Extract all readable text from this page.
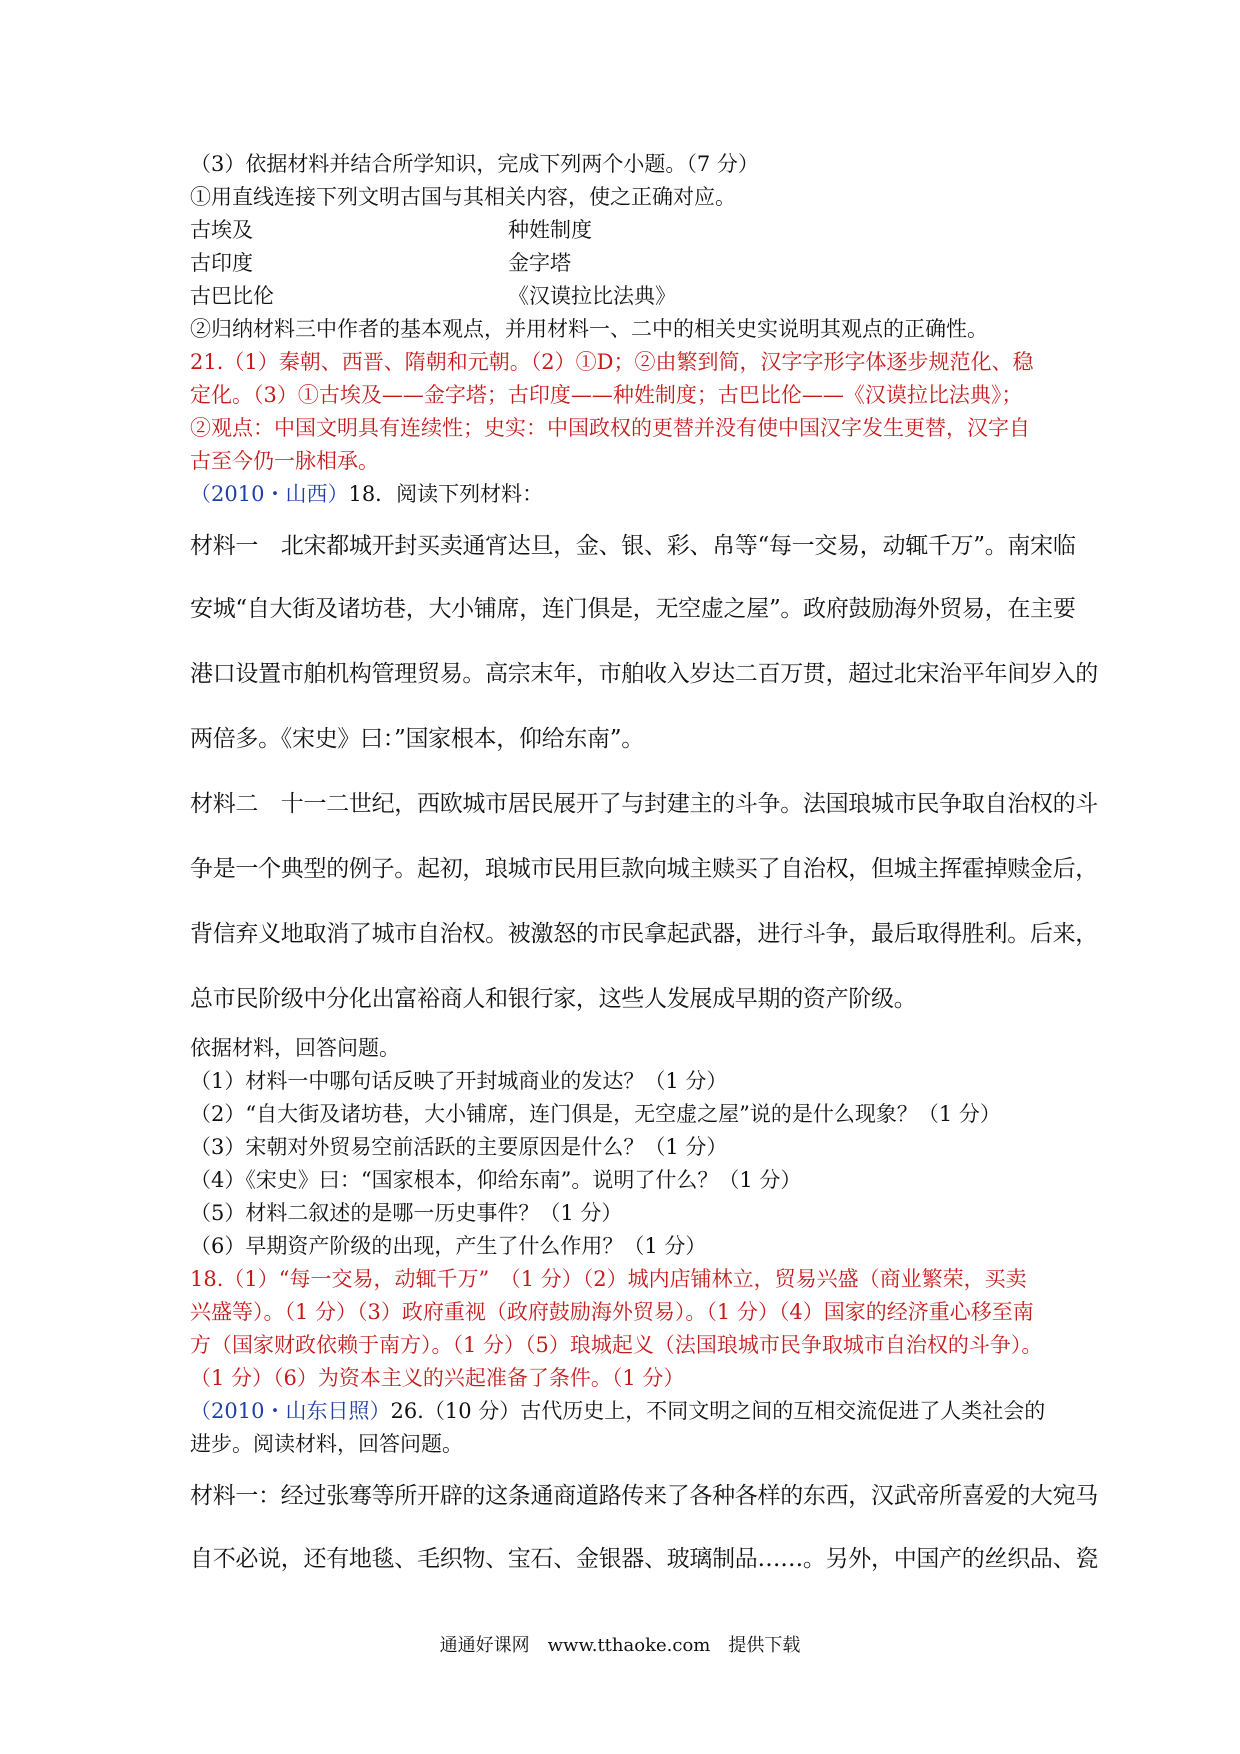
（3）依据材料并结合所学知识，完成下列两个小题。（7 分）
①用直线连接下列文明古国与其相关内容，使之正确对应。
古埃及	种姓制度
古印度	金字塔
古巴比伦	《汉谟拉比法典》
②归纳材料三中作者的基本观点，并用材料一、二中的相关史实说明其观点的正确性。
21.（1）秦朝、西晋、隋朝和元朝。（2）①D；②由繁到简，汉字字形字体逐步规范化、稳
定化。（3）①古埃及——金字塔；古印度——种姓制度；古巴比伦——《汉谟拉比法典》；
②观点：中国文明具有连续性；史实：中国政权的更替并没有使中国汉字发生更替，汉字自
古至今仍一脉相承。
（2010・山西）18．阅读下列材料：
材料一　北宋都城开封买卖通宵达旦，金、银、彩、帛等“每一交易，动辄千万”。南宋临
安城“自大街及诸坊巷，大小铺席，连门俱是，无空虚之屋”。政府鼓励海外贸易，在主要
港口设置市舶机构管理贸易。高宗末年，市舶收入岁达二百万贯，超过北宋治平年间岁入的
两倍多。《宋史》曰：”国家根本，仰给东南”。
材料二　十一二世纪，西欧城市居民展开了与封建主的斗争。法国琅城市民争取自治权的斗
争是一个典型的例子。起初，琅城市民用巨款向城主赎买了自治权，但城主挥霍掉赎金后，
背信弃义地取消了城市自治权。被激怒的市民拿起武器，进行斗争，最后取得胜利。后来，
总市民阶级中分化出富裕商人和银行家，这些人发展成早期的资产阶级。
依据材料，回答问题。
（1）材料一中哪句话反映了开封城商业的发达？（1 分）
（2）“自大街及诸坊巷，大小铺席，连门俱是，无空虚之屋”说的是什么现象？（1 分）
（3）宋朝对外贸易空前活跃的主要原因是什么？（1 分）
（4）《宋史》曰：“国家根本，仰给东南”。说明了什么？（1 分）
（5）材料二叙述的是哪一历史事件？（1 分）
（6）早期资产阶级的出现，产生了什么作用？（1 分）
18.（1）“每一交易，动辄千万”　（1 分）（2）城内店铺林立，贸易兴盛（商业繁荣，买卖
兴盛等）。（1 分）（3）政府重视（政府鼓励海外贸易）。（1 分）（4）国家的经济重心移至南
方（国家财政依赖于南方）。（1 分）（5）琅城起义（法国琅城市民争取城市自治权的斗争）。
（1 分）（6）为资本主义的兴起准备了条件。（1 分）
（2010・山东日照）26.（10 分）古代历史上，不同文明之间的互相交流促进了人类社会的
进步。阅读材料，回答问题。
材料一：经过张骞等所开辟的这条通商道路传来了各种各样的东西，汉武帝所喜爱的大宛马
自不必说，还有地毯、毛织物、宝石、金银器、玻璃制品……。另外，中国产的丝织品、瓷
通通好课网　www.tthaoke.com　提供下载
